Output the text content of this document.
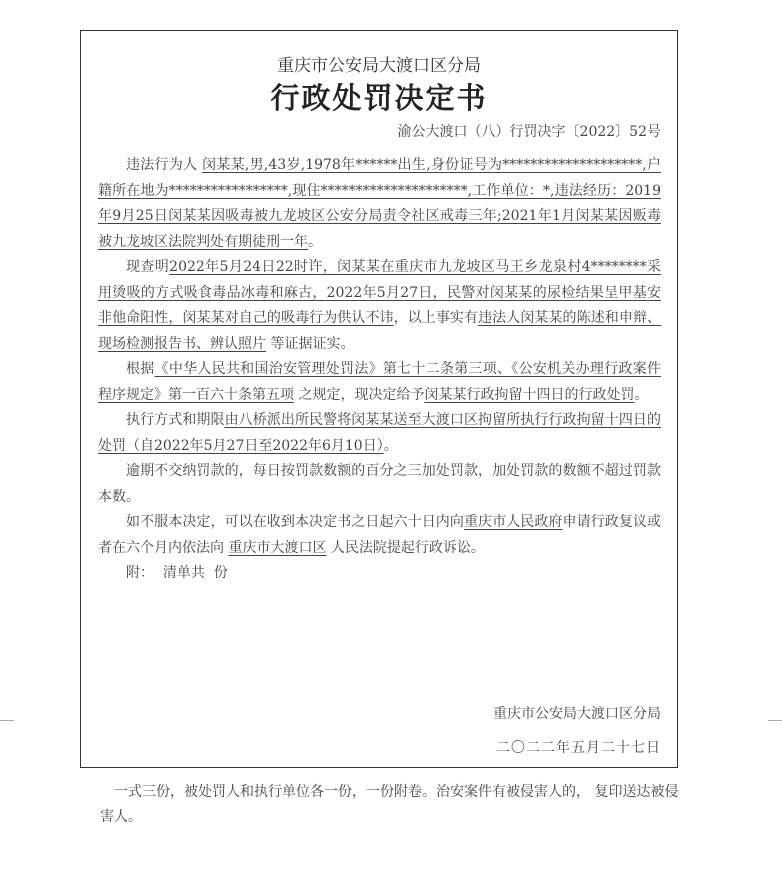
重庆市公安局大渡口区分局
行政处罚决定书
渝公大渡口（八）行罚决字〔2022〕52号

违法行为人 闵某某,男,43岁,1978年******出生,身份证号为********************,户籍所在地为*****************,现住*********************,工作单位：*,违法经历：2019年9月25日闵某某因吸毒被九龙坡区公安分局责令社区戒毒三年;2021年1月闵某某因贩毒被九龙坡区法院判处有期徒刑一年。

现查明2022年5月24日22时许，闵某某在重庆市九龙坡区马王乡龙泉村4********采用烫吸的方式吸食毒品冰毒和麻古，2022年5月27日，民警对闵某某的尿检结果呈甲基安非他命阳性，闵某某对自己的吸毒行为供认不讳，以上事实有违法人闵某某的陈述和申辩、现场检测报告书、辨认照片 等证据证实。

根据《中华人民共和国治安管理处罚法》第七十二条第三项、《公安机关办理行政案件程序规定》第一百六十条第五项 之规定，现决定给予闵某某行政拘留十四日的行政处罚。

执行方式和期限由八桥派出所民警将闵某某送至大渡口区拘留所执行行政拘留十四日的处罚（自2022年5月27日至2022年6月10日）。

逾期不交纳罚款的，每日按罚款数额的百分之三加处罚款，加处罚款的数额不超过罚款本数。

如不服本决定，可以在收到本决定书之日起六十日内向重庆市人民政府申请行政复议或者在六个月内依法向 重庆市大渡口区 人民法院提起行政诉讼。

附：  清单共  份

重庆市公安局大渡口区分局
二〇二二年五月二十七日
一式三份，被处罚人和执行单位各一份，一份附卷。治安案件有被侵害人的， 复印送达被侵害人。
